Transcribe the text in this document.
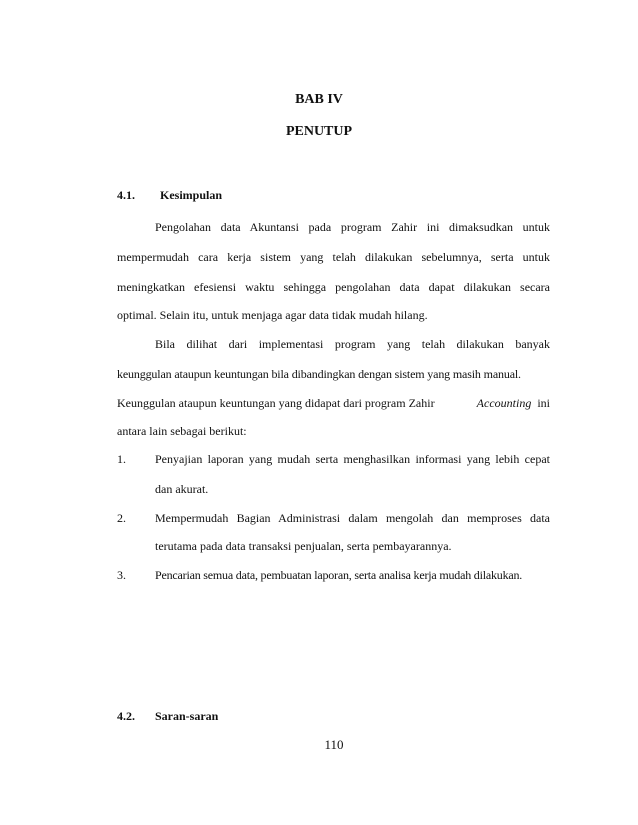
BAB IV
PENUTUP
4.1. Kesimpulan
Pengolahan data Akuntansi pada program Zahir ini dimaksudkan untuk
mempermudah cara kerja sistem yang telah dilakukan sebelumnya, serta untuk
meningkatkan efesiensi waktu sehingga pengolahan data dapat dilakukan secara
optimal. Selain itu, untuk menjaga agar data tidak mudah hilang.
Bila dilihat dari implementasi program yang telah dilakukan banyak
keunggulan ataupun keuntungan bila dibandingkan dengan sistem yang masih manual.
Keunggulan ataupun keuntungan yang didapat dari program Zahir	Accounting ini
antara lain sebagai berikut:
1. Penyajian laporan yang mudah serta menghasilkan informasi yang lebih cepat
dan akurat.
2. Mempermudah Bagian Administrasi dalam mengolah dan memproses data
terutama pada data transaksi penjualan, serta pembayarannya.
3. Pencarian semua data, pembuatan laporan, serta analisa kerja mudah dilakukan.
4.2. Saran-saran
110
